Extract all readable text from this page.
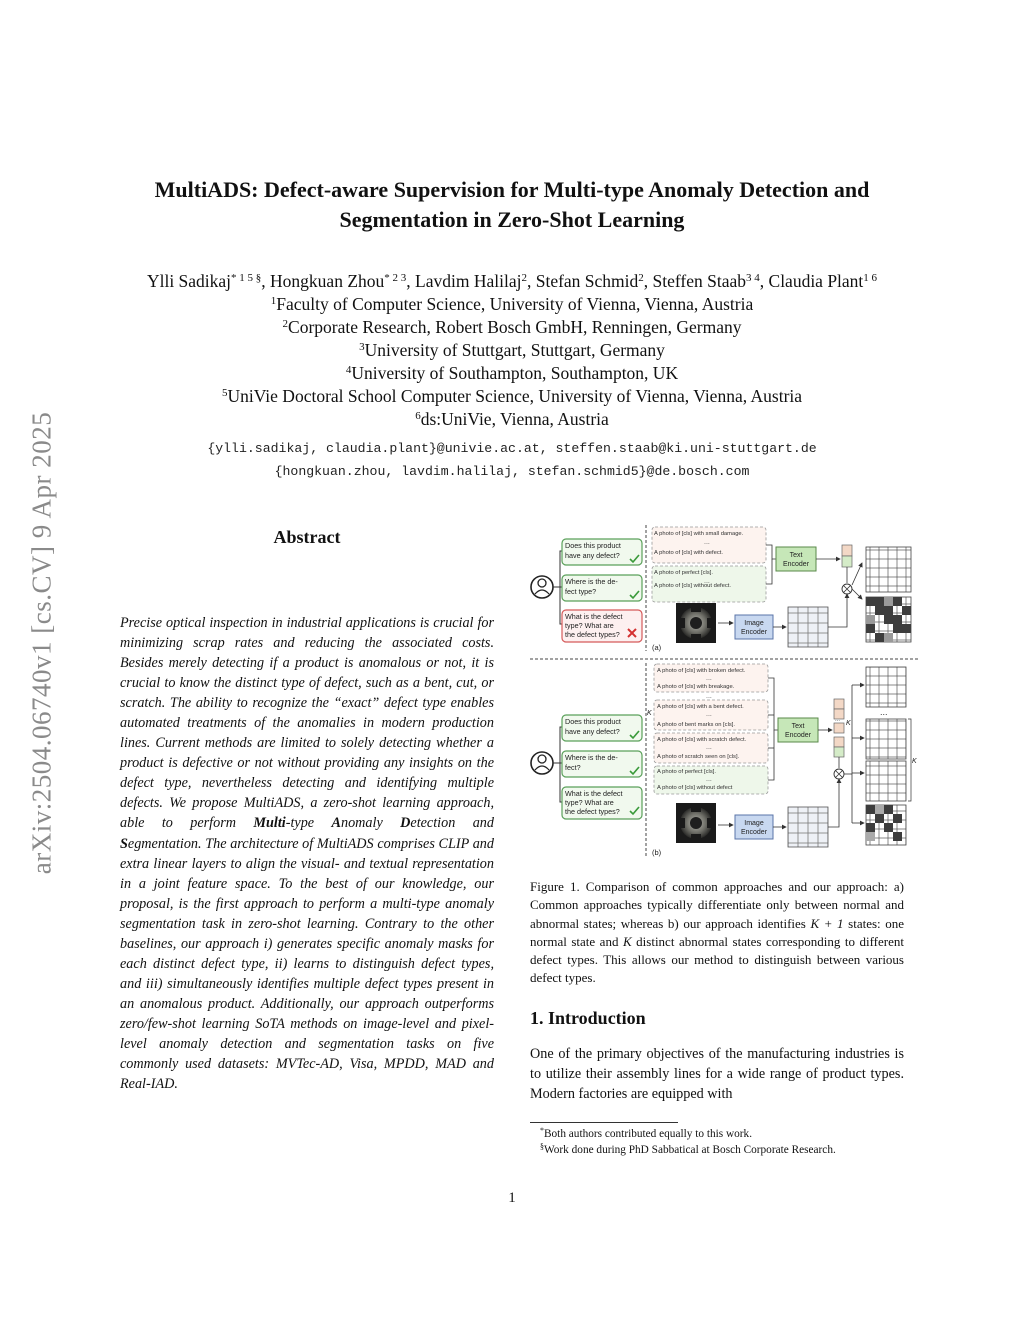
arXiv:2504.06740v1 [cs.CV] 9 Apr 2025
MultiADS: Defect-aware Supervision for Multi-type Anomaly Detection and
Segmentation in Zero-Shot Learning
Ylli Sadikaj$^{* 1 5 \S}$, Hongkuan Zhou$^{* 2 3}$, Lavdim Halilaj$^2$, Stefan Schmid$^2$, Steffen Staab$^{3 4}$, Claudia Plant$^{1 6}$
$^1$Faculty of Computer Science, University of Vienna, Vienna, Austria
$^2$Corporate Research, Robert Bosch GmbH, Renningen, Germany
$^3$University of Stuttgart, Stuttgart, Germany
$^4$University of Southampton, Southampton, UK
$^5$UniVie Doctoral School Computer Science, University of Vienna, Vienna, Austria
$^6$ds:UniVie, Vienna, Austria
{ylli.sadikaj, claudia.plant}@univie.ac.at, steffen.staab@ki.uni-stuttgart.de
{hongkuan.zhou, lavdim.halilaj, stefan.schmid5}@de.bosch.com
Abstract
Precise optical inspection in industrial applications is crucial for minimizing scrap rates and reducing the associated costs. Besides merely detecting if a product is anomalous or not, it is crucial to know the distinct type of defect, such as a bent, cut, or scratch. The ability to recognize the “exact” defect type enables automated treatments of the anomalies in modern production lines. Current methods are limited to solely detecting whether a product is defective or not without providing any insights on the defect type, nevertheless detecting and identifying multiple defects. We propose MultiADS, a zero-shot learning approach, able to perform Multi-type Anomaly Detection and Segmentation. The architecture of MultiADS comprises CLIP and extra linear layers to align the visual- and textual representation in a joint feature space. To the best of our knowledge, our proposal, is the first approach to perform a multi-type anomaly segmentation task in zero-shot learning. Contrary to the other baselines, our approach i) generates specific anomaly masks for each distinct defect type, ii) learns to distinguish defect types, and iii) simultaneously identifies multiple defect types present in an anomalous product. Additionally, our approach outperforms zero/few-shot learning SoTA methods on image-level and pixel-level anomaly detection and segmentation tasks on five commonly used datasets: MVTec-AD, Visa, MPDD, MAD and Real-IAD.
Does this product have any defect?
Where is the de-fect type?
What is the defect type? What are the defect types?
A photo of [cls] with small damage.
...
A photo of [cls] with defect.
A photo of perfect [cls].
...
A photo of [cls] without defect.
Text Encoder
Image Encoder
(a)
Does this product have any defect?
Where is the de-fect?
What is the defect type? What are the defect types?
K
A photo of [cls] with broken defect.
...
A photo of [cls] with breakage.
...
A photo of [cls] with a bent defect.
...
A photo of bent marks on [cls].
A photo of [cls] with scratch defect.
...
A photo of scratch seen on [cls].
A photo of perfect [cls].
...
A photo of [cls] without defect
Text Encoder
... K
...
K
Image Encoder
(b)
Figure 1. Comparison of common approaches and our approach: a) Common approaches typically differentiate only between normal and abnormal states; whereas b) our approach identifies K + 1 states: one normal state and K distinct abnormal states corresponding to different defect types. This allows our method to distinguish between various defect types.
1. Introduction
One of the primary objectives of the manufacturing industries is to utilize their assembly lines for a wide range of product types. Modern factories are equipped with
*Both authors contributed equally to this work.
§Work done during PhD Sabbatical at Bosch Corporate Research.
1
